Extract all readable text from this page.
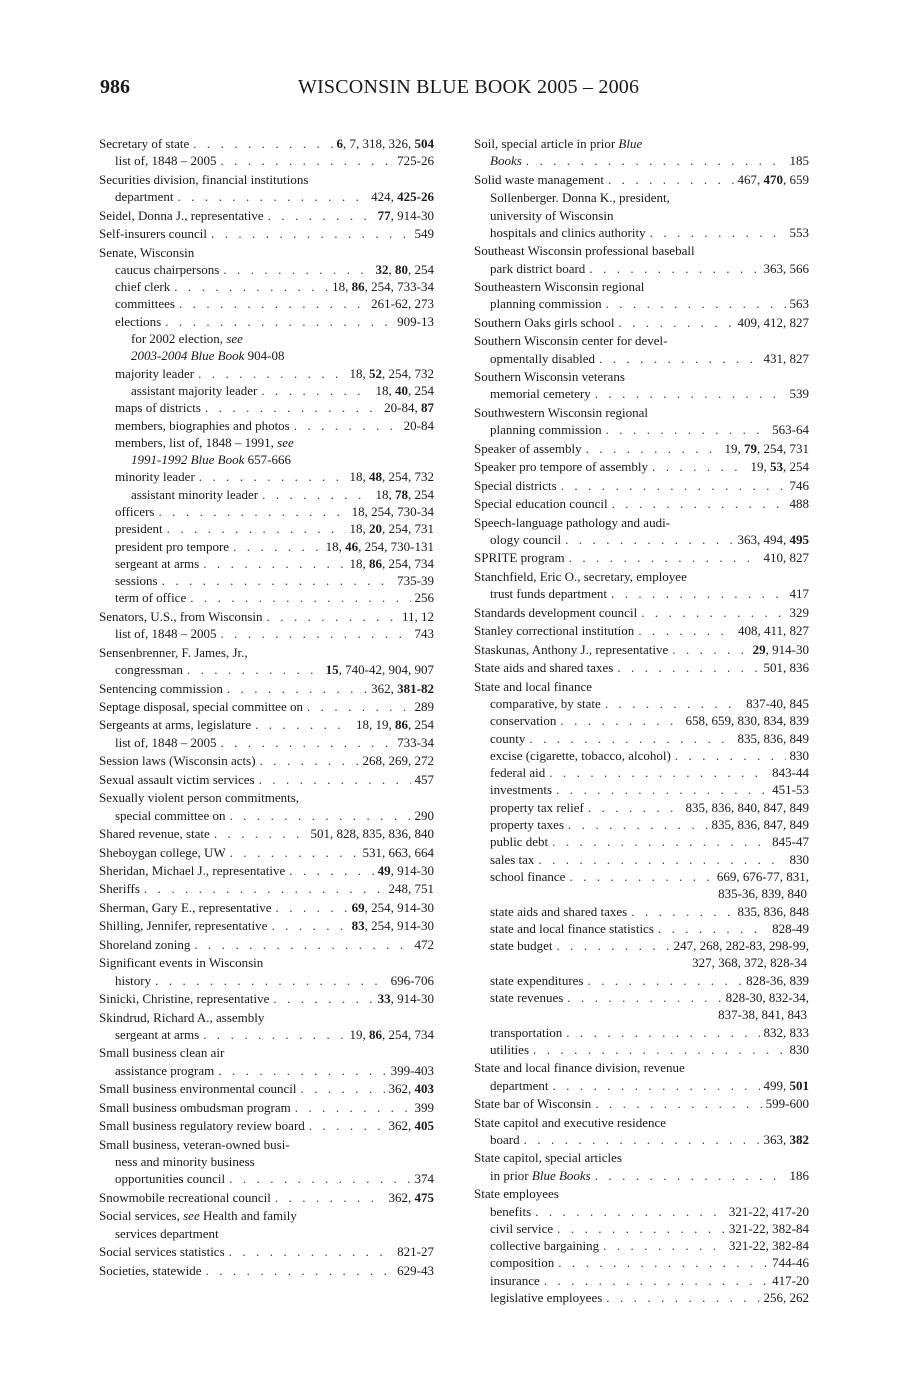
986	WISCONSIN BLUE BOOK 2005 – 2006
Secretary of state . . .	6, 7, 318, 326, 504
list of, 1848 – 2005 . . .	725-26
Securities division, financial institutions
department . . .	424, 425-26
Seidel, Donna J., representative . . .	77, 914-30
Self-insurers council . . .	549
Senate, Wisconsin
caucus chairpersons . . .	32, 80, 254
chief clerk . . .	18, 86, 254, 733-34
committees . . .	261-62, 273
elections . . .	909-13
for 2002 election, see
2003-2004 Blue Book 904-08
majority leader . . .	18, 52, 254, 732
assistant majority leader . . .	18, 40, 254
maps of districts . . .	20-84, 87
members, biographies and photos . . .	20-84
members, list of, 1848 – 1991, see
1991-1992 Blue Book 657-666
minority leader . . .	18, 48, 254, 732
assistant minority leader . . .	18, 78, 254
officers . . .	18, 254, 730-34
president . . .	18, 20, 254, 731
president pro tempore . . .	18, 46, 254, 730-131
sergeant at arms . . .	18, 86, 254, 734
sessions . . .	735-39
term of office . . .	256
Senators, U.S., from Wisconsin . . .	11, 12
list of, 1848 – 2005 . . .	743
Sensenbrenner, F. James, Jr.,
congressman . . .	15, 740-42, 904, 907
Sentencing commission . . .	362, 381-82
Septage disposal, special committee on . . .	289
Sergeants at arms, legislature . . .	18, 19, 86, 254
list of, 1848 – 2005 . . .	733-34
Session laws (Wisconsin acts) . . .	268, 269, 272
Sexual assault victim services . . .	457
Sexually violent person commitments,
special committee on . . .	290
Shared revenue, state . . .	501, 828, 835, 836, 840
Sheboygan college, UW . . .	531, 663, 664
Sheridan, Michael J., representative . . .	49, 914-30
Sheriffs . . .	248, 751
Sherman, Gary E., representative . . .	69, 254, 914-30
Shilling, Jennifer, representative . . .	83, 254, 914-30
Shoreland zoning . . .	472
Significant events in Wisconsin
history . . .	696-706
Sinicki, Christine, representative . . .	33, 914-30
Skindrud, Richard A., assembly
sergeant at arms . . .	19, 86, 254, 734
Small business clean air
assistance program . . .	399-403
Small business environmental council . . .	362, 403
Small business ombudsman program . . .	399
Small business regulatory review board . . .	362, 405
Small business, veteran-owned busi-
ness and minority business
opportunities council . . .	374
Snowmobile recreational council . . .	362, 475
Social services, see Health and family
services department
Social services statistics . . .	821-27
Societies, statewide . . .	629-43
Soil, special article in prior Blue
Books . . .	185
Solid waste management . . .	467, 470, 659
Sollenberger. Donna K., president,
university of Wisconsin
hospitals and clinics authority . . .	553
Southeast Wisconsin professional baseball
park district board . . .	363, 566
Southeastern Wisconsin regional
planning commission . . .	563
Southern Oaks girls school . . .	409, 412, 827
Southern Wisconsin center for devel-
opmentally disabled . . .	431, 827
Southern Wisconsin veterans
memorial cemetery . . .	539
Southwestern Wisconsin regional
planning commission . . .	563-64
Speaker of assembly . . .	19, 79, 254, 731
Speaker pro tempore of assembly . . .	19, 53, 254
Special districts . . .	746
Special education council . . .	488
Speech-language pathology and audi-
ology council . . .	363, 494, 495
SPRITE program . . .	410, 827
Stanchfield, Eric O., secretary, employee
trust funds department . . .	417
Standards development council . . .	329
Stanley correctional institution . . .	408, 411, 827
Staskunas, Anthony J., representative . . .	29, 914-30
State aids and shared taxes . . .	501, 836
State and local finance
comparative, by state . . .	837-40, 845
conservation . . .	658, 659, 830, 834, 839
county . . .	835, 836, 849
excise (cigarette, tobacco, alcohol) . . .	830
federal aid . . .	843-44
investments . . .	451-53
property tax relief . . .	835, 836, 840, 847, 849
property taxes . . .	835, 836, 847, 849
public debt . . .	845-47
sales tax . . .	830
school finance . . .	669, 676-77, 831,
835-36, 839, 840
state aids and shared taxes . . .	835, 836, 848
state and local finance statistics . . .	828-49
state budget . . .	247, 268, 282-83, 298-99,
327, 368, 372, 828-34
state expenditures . . .	828-36, 839
state revenues . . .	828-30, 832-34,
837-38, 841, 843
transportation . . .	832, 833
utilities . . .	830
State and local finance division, revenue
department . . .	499, 501
State bar of Wisconsin . . .	599-600
State capitol and executive residence
board . . .	363, 382
State capitol, special articles
in prior Blue Books . . .	186
State employees
benefits . . .	321-22, 417-20
civil service . . .	321-22, 382-84
collective bargaining . . .	321-22, 382-84
composition . . .	744-46
insurance . . .	417-20
legislative employees . . .	256, 262
